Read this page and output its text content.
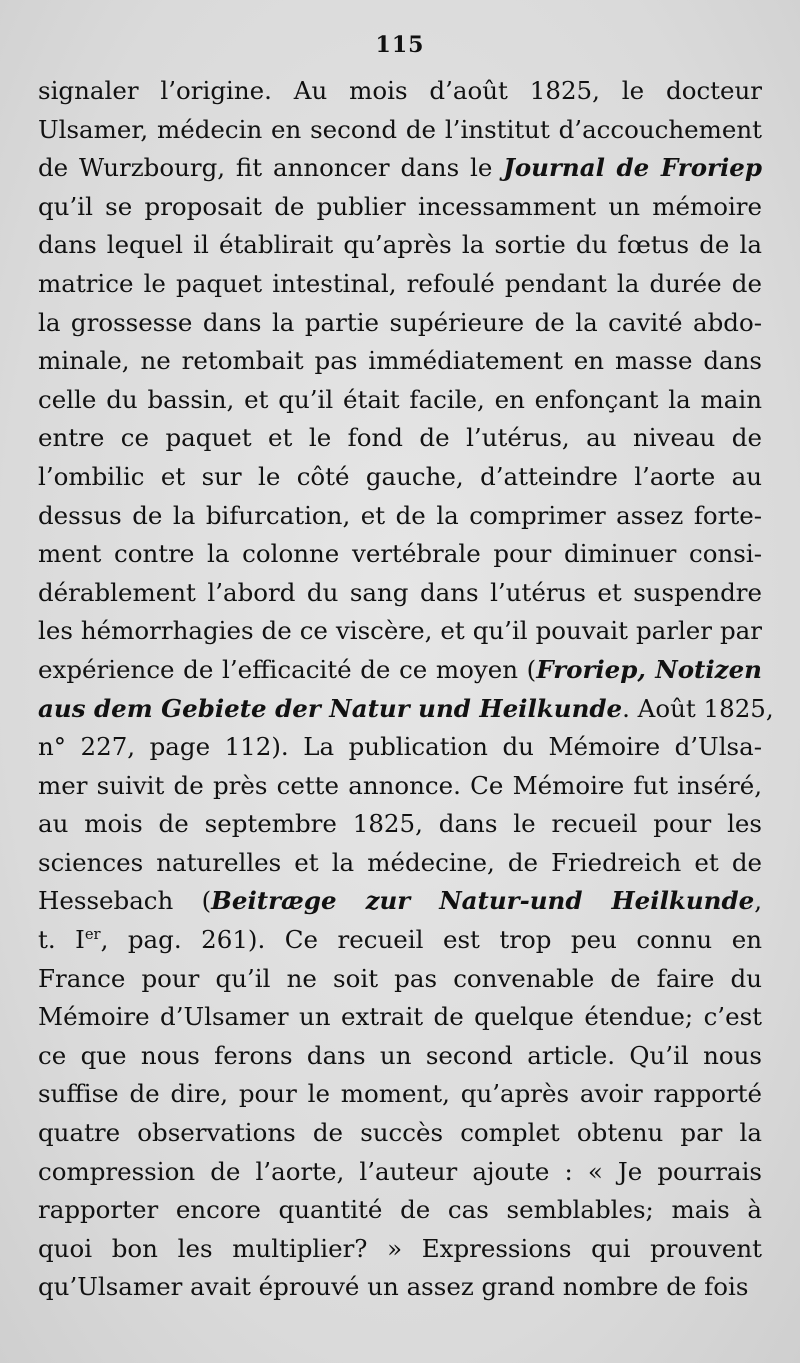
115
signaler l’origine. Au mois d’août 1825, le docteur
Ulsamer, médecin en second de l’institut d’accouchement
de Wurzbourg, fit annoncer dans le Journal de Froriep
qu’il se proposait de publier incessamment un mémoire
dans lequel il établirait qu’après la sortie du fœtus de la
matrice le paquet intestinal, refoulé pendant la durée de
la grossesse dans la partie supérieure de la cavité abdo-
minale, ne retombait pas immédiatement en masse dans
celle du bassin, et qu’il était facile, en enfonçant la main
entre ce paquet et le fond de l’utérus, au niveau de
l’ombilic et sur le côté gauche, d’atteindre l’aorte au
dessus de la bifurcation, et de la comprimer assez forte-
ment contre la colonne vertébrale pour diminuer consi-
dérablement l’abord du sang dans l’utérus et suspendre
les hémorrhagies de ce viscère, et qu’il pouvait parler par
expérience de l’efficacité de ce moyen (Froriep, Notizen
aus dem Gebiete der Natur und Heilkunde. Août 1825,
n° 227, page 112). La publication du Mémoire d’Ulsa-
mer suivit de près cette annonce. Ce Mémoire fut inséré,
au mois de septembre 1825, dans le recueil pour les
sciences naturelles et la médecine, de Friedreich et de
Hessebach (Beitræge zur Natur-und Heilkunde,
t. Ier, pag. 261). Ce recueil est trop peu connu en
France pour qu’il ne soit pas convenable de faire du
Mémoire d’Ulsamer un extrait de quelque étendue; c’est
ce que nous ferons dans un second article. Qu’il nous
suffise de dire, pour le moment, qu’après avoir rapporté
quatre observations de succès complet obtenu par la
compression de l’aorte, l’auteur ajoute : « Je pourrais
rapporter encore quantité de cas semblables; mais à
quoi bon les multiplier? » Expressions qui prouvent
qu’Ulsamer avait éprouvé un assez grand nombre de fois
